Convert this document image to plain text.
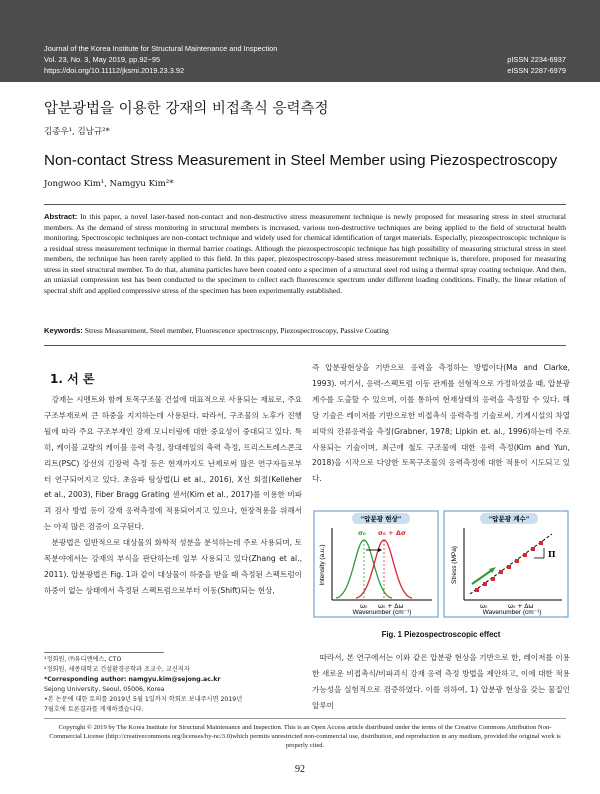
Journal of the Korea Institute for Structural Maintenance and Inspection
Vol. 23, No. 3, May 2019, pp.92~95
https://doi.org/10.11112/jksmi.2019.23.3.92
pISSN 2234-6937
eISSN 2287-6979
압분광법을 이용한 강재의 비접촉식 응력측정
김종우¹, 김남규²*
Non-contact Stress Measurement in Steel Member using Piezospectroscopy
Jongwoo Kim¹, Namgyu Kim²*
Abstract: In this paper, a novel laser-based non-contact and non-destructive stress measurement technique is newly proposed for measuring stress in steel structural members. As the demand of stress monitoring in structural members is increased, various non-destructive techniques are being applied to the field of structural health monitoring. Spectroscopic techniques are non-contact technique and widely used for chemical identification of target materials. Especially, piezospectroscopic technique is a residual stress measurement technique in thermal barrier coatings. Although the piezospectroscopic technique has high possibility of measuring structural stress in steel members, the technique has been rarely applied to this field. In this paper, piezospectroscopy-based stress measurement technique is, therefore, proposed for measuring stress in steel structural member. To do that, alumina particles have been coated onto a specimen of a structural steel rod using a thermal spray coating technique. And then, an uniaxial compression test has been conducted to the specimen to collect each fluorescence spectrum under different loading conditions. Finally, the linear relation of spectral shift and applied compressive stress of the specimen has been experimentally established.
Keywords: Stress Measurement, Steel member, Fluorescence spectroscopy, Piezospectroscopy, Passive Coating
1. 서 론

강재는 시멘트와 함께 토목구조물 건설에 대표적으로 사용되는 재료로, 주요 구조부재로써 큰 하중을 지지하는데 사용된다. 따라서, 구조물의 노후가 진행될에 따라 주요 구조부재인 강재 모니터링에 대한 중요성이 중대되고 있다. 특히, 케이블 교량의 케이블 응력 측정, 장대레일의 축력 측정, 프리스트레스콘크리트(PSC) 강선의 긴장력 측정 등은 현재까지도 난제로써 많은 연구자들로부터 연구되어지고 있다. 초음파 탐상법(Li et al., 2016), X선 회절(Kelleher et al., 2003), Fiber Bragg Grating 센서(Kim et al., 2017)를 이용한 비파괴 검사 방법 등이 강재 응력측정에 적용되어지고 있으나, 현장적용을 위해서는 아직 많은 검증이 요구된다.

분광법은 일반적으로 대상물의 화학적 성분을 분석하는데 주로 사용되며, 토목분야에서는 강재의 부식을 판단하는데 일부 사용되고 있다(Zhang et al., 2011). 압분광법은 Fig. 1과 같이 대상물이 하중을 받을 때 측정된 스펙트럼이 하중이 없는 상태에서 측정된 스펙트럼으로부터 이동(Shift)되는 현상,

¹정회원, ㈜유디엔에스, CTO
²정회원, 세종대학교 건설환경공학과 조교수, 교신저자
*Corresponding author: namgyu.kim@sejong.ac.kr
Sejong University, Seoul, 05006, Korea
•본 논문에 대한 토의를 2019년 5월 1일까지 학회로 보내주시면 2019년
7월호에 토론결과를 게재하겠습니다.

즉 압분광현상을 기반으로 응력을 측정하는 방법이다(Ma and Clarke, 1993). 여기서, 응력-스펙트럼 이동 관계를 선형적으로 가정하였을 때, 압분광 계수를 도출할 수 있으며, 이를 통하여 현재상태의 응력을 측정할 수 있다. 해당 기술은 레이저를 기반으로한 비접촉식 응력측정 기술로써, 기계시설의 차열피막의 잔류응력을 측정(Grabner, 1978; Lipkin et. al., 1996)하는데 주로 사용되는 기술이며, 최근에 철도 구조물에 대한 응력 측정(Kim and Yun, 2018)을 시작으로 다양한 토목구조물의 응력측정에 대한 적용이 시도되고 있다.

"압분광 현상"
Intensity (a.u.)
Wavenumber (cm⁻¹)
σ₀ σ₀ + Δσ
ω₀ ω₀ + Δω
"압분광 계수"
Stress (MPa)
Wavenumber (cm⁻¹)
Π
ω₀	ω₀ + Δω
Fig. 1 Piezospectroscopic effect

따라서, 본 연구에서는 이와 같은 압분광 현상을 기반으로 한, 레이저를 이용한 새로운 비접촉식/비파괴식 강재 응력 측정 방법을 제안하고, 이에 대한 적용가능성을 실험적으로 검증하였다. 이를 위하여, 1) 압분광 현상을 갖는 물질인 알루미

Copyright © 2019 by The Korea Institute for Structural Maintenance and Inspection. This is an Open Access article distributed under the terms of the Creative Commons Attribution Non-Commercial License (http://creativecommons.org/licenses/by-nc/3.0)which permits unrestricted non-commercial use, distribution, and reproduction in any medium, provided the original work is properly cited.
92
